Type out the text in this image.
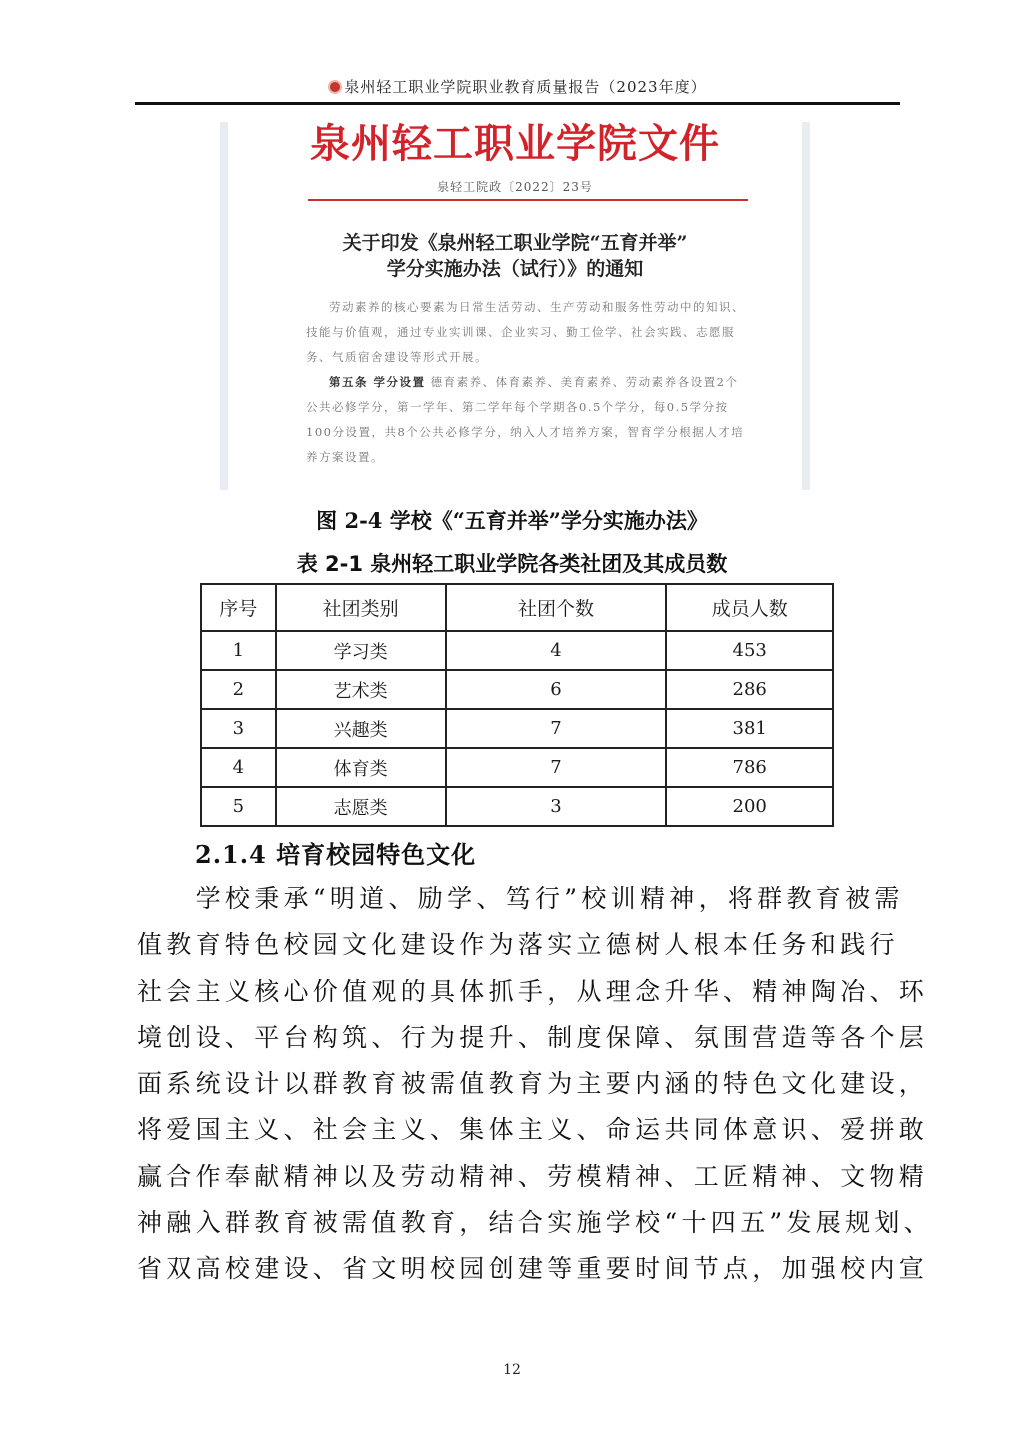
泉州轻工职业学院职业教育质量报告（2023年度）
泉州轻工职业学院文件
泉轻工院政〔2022〕23号
关于印发《泉州轻工职业学院“五育并举”
学分实施办法（试行）》的通知

劳动素养的核心要素为日常生活劳动、生产劳动和服务性劳动中的知识、技能与价值观，通过专业实训课、企业实习、勤工俭学、社会实践、志愿服务、气质宿舍建设等形式开展。

第五条 学分设置 德育素养、体育素养、美育素养、劳动素养各设置2个公共必修学分，第一学年、第二学年每个学期各0.5个学分，每0.5学分按100分设置，共8个公共必修学分，纳入人才培养方案，智育学分根据人才培养方案设置。

图 2-4 学校《“五育并举”学分实施办法》
表 2-1 泉州轻工职业学院各类社团及其成员数
序号	社团类别	社团个数	成员人数
1	学习类	4	453
2	艺术类	6	286
3	兴趣类	7	381
4	体育类	7	786
5	志愿类	3	200
2.1.4 培育校园特色文化

　　学校秉承“明道、励学、笃行”校训精神，将群教育被需

值教育特色校园文化建设作为落实立德树人根本任务和践行

社会主义核心价值观的具体抓手，从理念升华、精神陶冶、环

境创设、平台构筑、行为提升、制度保障、氛围营造等各个层

面系统设计以群教育被需值教育为主要内涵的特色文化建设，

将爱国主义、社会主义、集体主义、命运共同体意识、爱拼敢

赢合作奉献精神以及劳动精神、劳模精神、工匠精神、文物精

神融入群教育被需值教育，结合实施学校“十四五”发展规划、

省双高校建设、省文明校园创建等重要时间节点，加强校内宣

12
